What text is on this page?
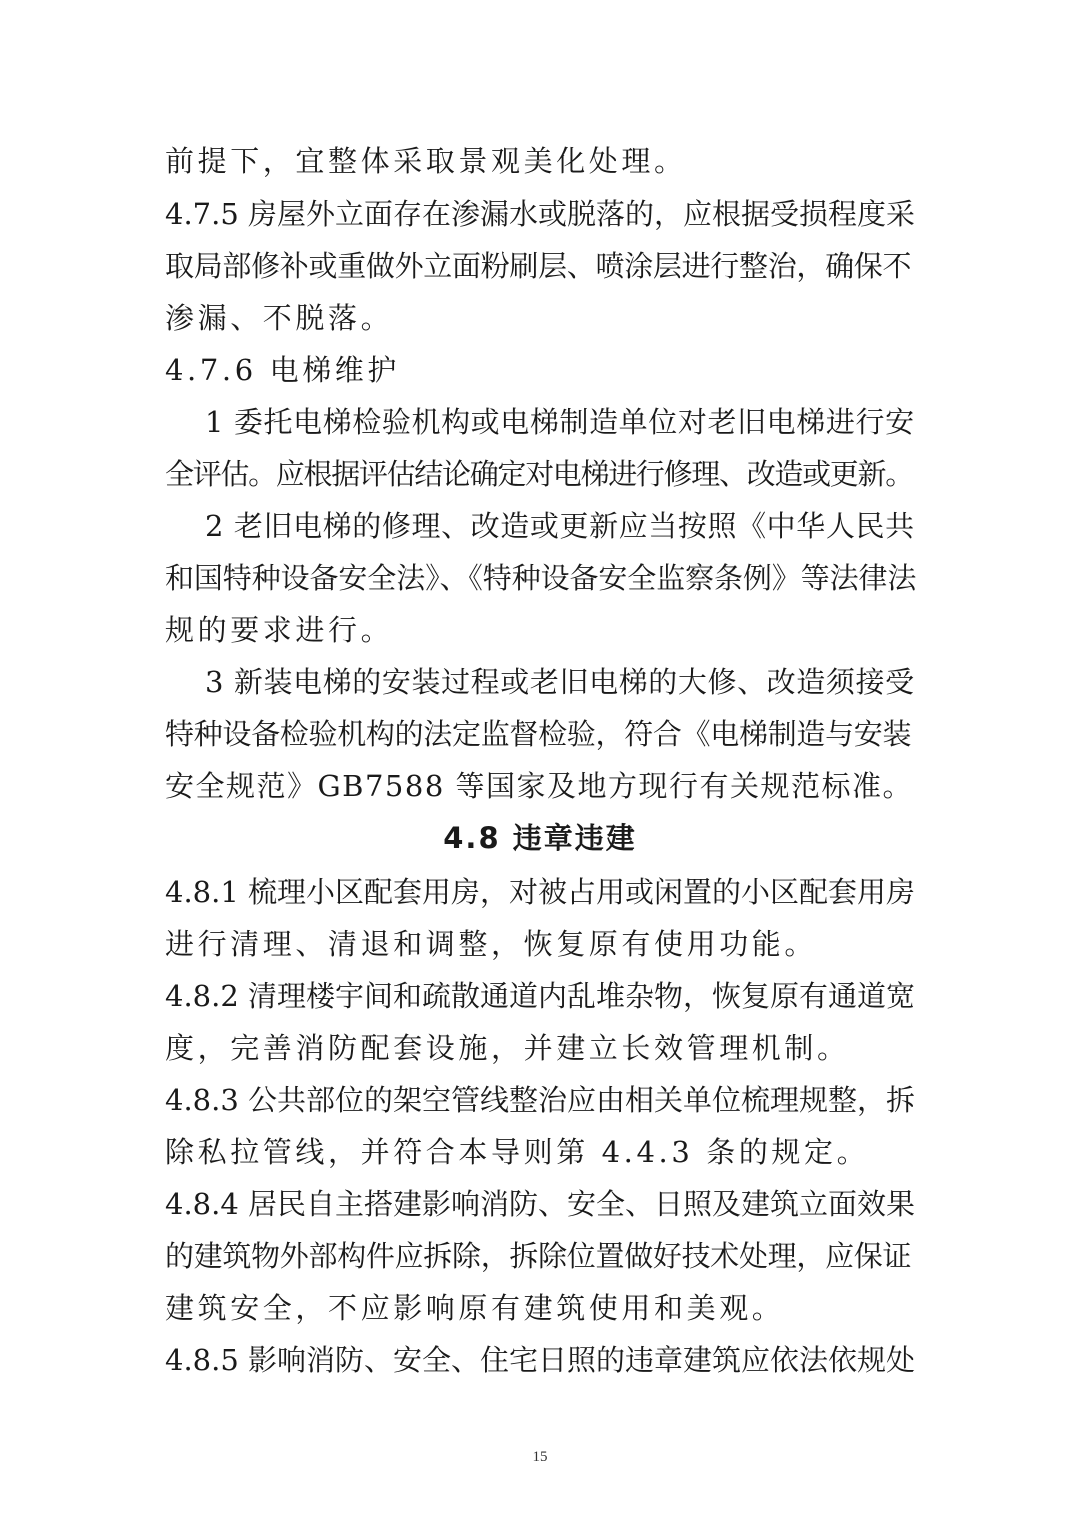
前提下，宜整体采取景观美化处理。
4.7.5 房屋外立面存在渗漏水或脱落的，应根据受损程度采
取局部修补或重做外立面粉刷层、喷涂层进行整治，确保不
渗漏、不脱落。
4.7.6 电梯维护
1 委托电梯检验机构或电梯制造单位对老旧电梯进行安
全评估。应根据评估结论确定对电梯进行修理、改造或更新。
2 老旧电梯的修理、改造或更新应当按照《中华人民共
和国特种设备安全法》、《特种设备安全监察条例》等法律法
规的要求进行。
3 新装电梯的安装过程或老旧电梯的大修、改造须接受
特种设备检验机构的法定监督检验，符合《电梯制造与安装
安全规范》GB7588 等国家及地方现行有关规范标准。
4.8 违章违建
4.8.1 梳理小区配套用房，对被占用或闲置的小区配套用房
进行清理、清退和调整，恢复原有使用功能。
4.8.2 清理楼宇间和疏散通道内乱堆杂物，恢复原有通道宽
度，完善消防配套设施，并建立长效管理机制。
4.8.3 公共部位的架空管线整治应由相关单位梳理规整，拆
除私拉管线，并符合本导则第 4.4.3 条的规定。
4.8.4 居民自主搭建影响消防、安全、日照及建筑立面效果
的建筑物外部构件应拆除，拆除位置做好技术处理，应保证
建筑安全，不应影响原有建筑使用和美观。
4.8.5 影响消防、安全、住宅日照的违章建筑应依法依规处
15
